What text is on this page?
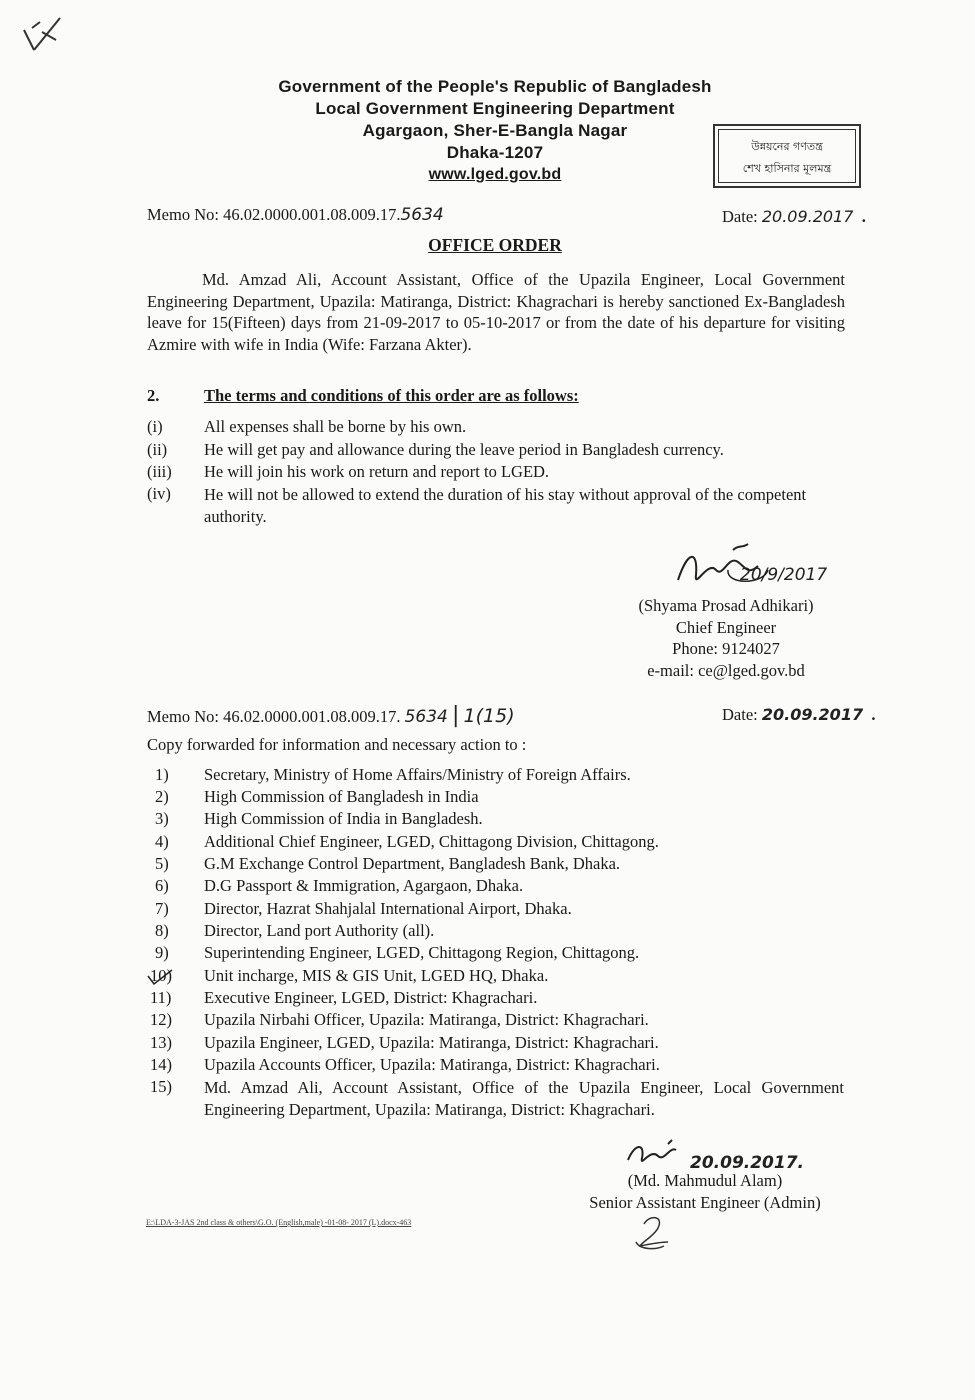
Government of the People's Republic of Bangladesh
Local Government Engineering Department
Agargaon, Sher-E-Bangla Nagar
Dhaka-1207
www.lged.gov.bd
উন্নয়নের গণতন্ত্র
শেখ হাসিনার মূলমন্ত্র
Memo No: 46.02.0000.001.08.009.17.5634	Date: 20.09.2017  .
OFFICE ORDER
Md. Amzad Ali, Account Assistant, Office of the Upazila Engineer, Local Government Engineering Department, Upazila: Matiranga, District: Khagrachari is hereby sanctioned Ex-Bangladesh leave for 15(Fifteen) days from 21-09-2017 to 05-10-2017 or from the date of his departure for visiting Azmire with wife in India (Wife: Farzana Akter).
2.	The terms and conditions of this order are as follows:
(i)	All expenses shall be borne by his own.
(ii) He will get pay and allowance during the leave period in Bangladesh currency.
(iii) He will join his work on return and report to LGED.
(iv) He will not be allowed to extend the duration of his stay without approval of the competent authority.
20/9/2017
(Shyama Prosad Adhikari)
Chief Engineer
Phone: 9124027
e-mail: ce@lged.gov.bd
Memo No: 46.02.0000.001.08.009.17. 5634 | 1(15)	Date: 20.09.2017  .
Copy forwarded for information and necessary action to :
1) Secretary, Ministry of Home Affairs/Ministry of Foreign Affairs.
2) High Commission of Bangladesh in India
3) High Commission of India in Bangladesh.
4) Additional Chief Engineer, LGED, Chittagong Division, Chittagong.
5) G.M Exchange Control Department, Bangladesh Bank, Dhaka.
6) D.G Passport & Immigration, Agargaon, Dhaka.
7) Director, Hazrat Shahjalal International Airport, Dhaka.
8) Director, Land port Authority (all).
9) Superintending Engineer, LGED, Chittagong Region, Chittagong.
10) Unit incharge, MIS & GIS Unit, LGED HQ, Dhaka.
11) Executive Engineer, LGED, District: Khagrachari.
12) Upazila Nirbahi Officer, Upazila: Matiranga, District: Khagrachari.
13) Upazila Engineer, LGED, Upazila: Matiranga, District: Khagrachari.
14) Upazila Accounts Officer, Upazila: Matiranga, District: Khagrachari.
15) Md. Amzad Ali, Account Assistant, Office of the Upazila Engineer, Local Government Engineering Department, Upazila: Matiranga, District: Khagrachari.
20.09.2017.
(Md. Mahmudul Alam)
Senior Assistant Engineer (Admin)
E:\LDA-3-JAS 2nd class & others\G.O. (English,male) -01-08- 2017 (L).docx-463
